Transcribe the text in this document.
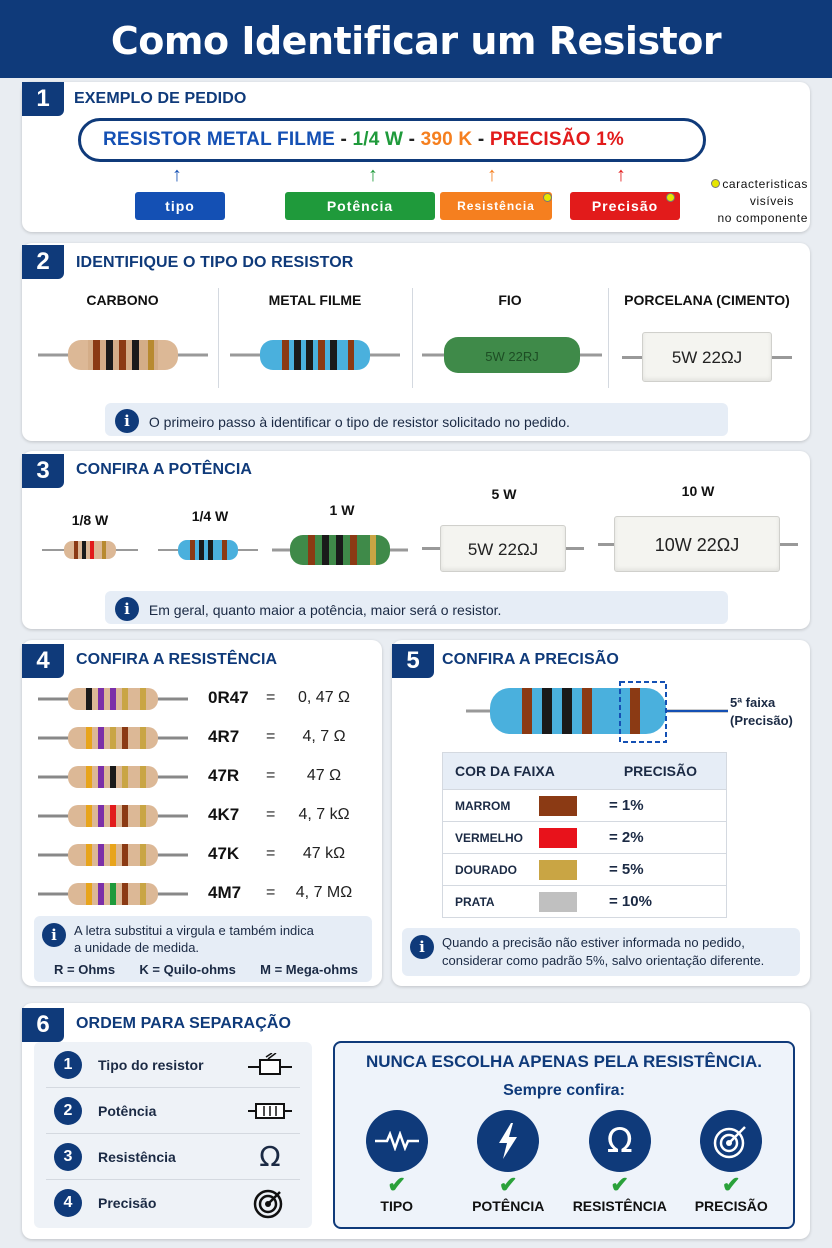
Como Identificar um Resistor
1	EXEMPLO DE PEDIDO
RESISTOR METAL FILME - 1/4 W - 390 K - PRECISÃO 1%
↑	↑	↑	↑
tipo	Potência	Resistência	Precisão
caracteristicas
visíveis
no componente
2	IDENTIFIQUE O TIPO DO RESISTOR
CARBONO	METAL FILME	FIO	PORCELANA (CIMENTO)
5W 22RJ	5W 22ΩJ
i O primeiro passo à identificar o tipo de resistor solicitado no pedido.
3	CONFIRA A POTÊNCIA
1/8 W	1/4 W	1 W
5 W	10 W
5W 22ΩJ	10W 22ΩJ
i Em geral, quanto maior a potência, maior será o resistor.
4	CONFIRA A RESISTÊNCIA
0R47 = 0, 47 Ω
4R7 =	4, 7 Ω
47R =	47 Ω
4K7 = 4, 7 kΩ
47K =	47 kΩ
4M7 = 4, 7 MΩ
i	A letra substitui a virgula e também indica
a unidade de medida.
R = Ohms K = Quilo-ohms M = Mega-ohms
5	CONFIRA A PRECISÃO
5ª faixa
(Precisão)
COR DA FAIXA	PRECISÃO
MARROM	= 1%
VERMELHO	= 2%
DOURADO	= 5%
PRATA	= 10%
i	Quando a precisão não estiver informada no pedido,
considerar como padrão 5%, salvo orientação diferente.
6	ORDEM PARA SEPARAÇÃO
1	Tipo do resistor
2	Potência
3	Resistência	Ω
4	Precisão
NUNCA ESCOLHA APENAS PELA RESISTÊNCIA.
Sempre confira:
✔
TIPO
✔
POTÊNCIA
Ω
✔
RESISTÊNCIA
✔
PRECISÃO
